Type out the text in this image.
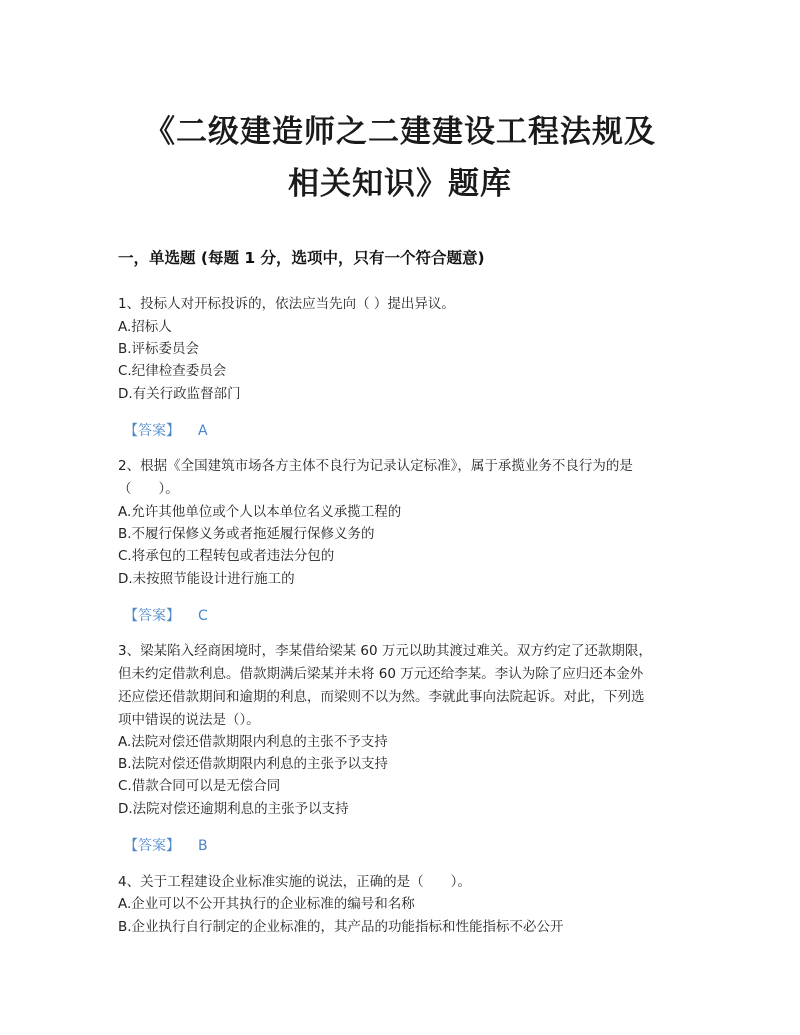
《二级建造师之二建建设工程法规及
相关知识》题库
一，单选题 (每题 1 分，选项中，只有一个符合题意)
1、投标人对开标投诉的，依法应当先向（ ）提出异议。
A.招标人
B.评标委员会
C.纪律检查委员会
D.有关行政监督部门
【答案】 A
2、根据《全国建筑市场各方主体不良行为记录认定标准》，属于承揽业务不良行为的是
（　　）。
A.允许其他单位或个人以本单位名义承揽工程的
B.不履行保修义务或者拖延履行保修义务的
C.将承包的工程转包或者违法分包的
D.未按照节能设计进行施工的
【答案】 C
3、梁某陷入经商困境时，李某借给梁某 60 万元以助其渡过难关。双方约定了还款期限，
但未约定借款利息。借款期满后梁某并未将 60 万元还给李某。李认为除了应归还本金外
还应偿还借款期间和逾期的利息，而梁则不以为然。李就此事向法院起诉。对此，下列选
项中错误的说法是（）。
A.法院对偿还借款期限内利息的主张不予支持
B.法院对偿还借款期限内利息的主张予以支持
C.借款合同可以是无偿合同
D.法院对偿还逾期利息的主张予以支持
【答案】 B
4、关于工程建设企业标准实施的说法，正确的是（　　）。
A.企业可以不公开其执行的企业标准的编号和名称
B.企业执行自行制定的企业标准的，其产品的功能指标和性能指标不必公开
